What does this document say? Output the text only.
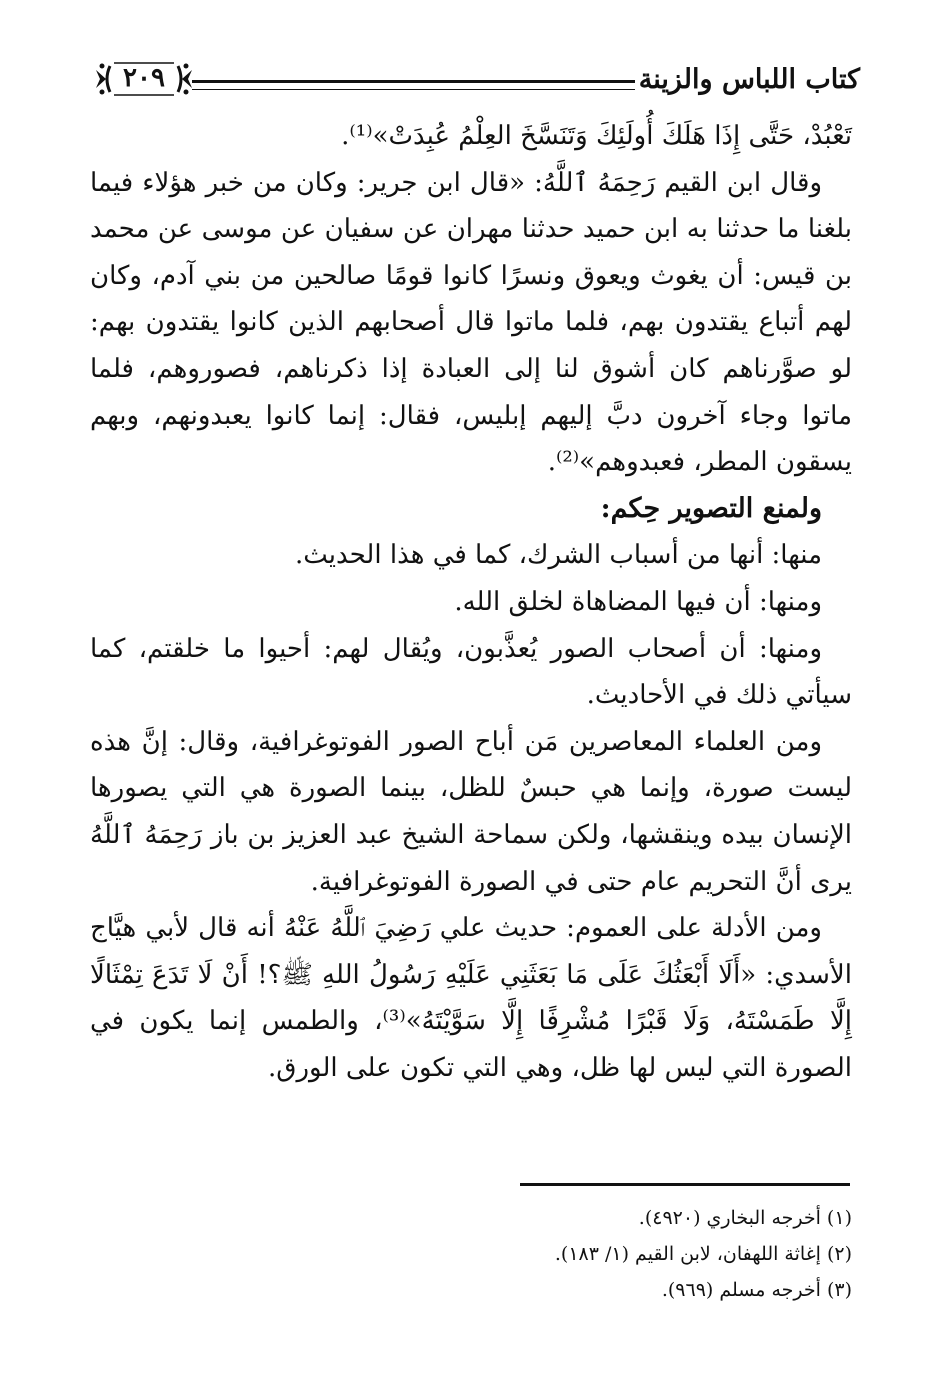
كتاب اللباس والزينة
٢٠٩

تَعْبُدْ، حَتَّى إِذَا هَلَكَ أُولَئِكَ وَتَنَسَّخَ العِلْمُ عُبِدَتْ»⁽¹⁾.

وقال ابن القيم رَحِمَهُ ٱللَّهُ: «قال ابن جرير: وكان من خبر هؤلاء فيما بلغنا ما حدثنا به ابن حميد حدثنا مهران عن سفيان عن موسى عن محمد بن قيس: أن يغوث ويعوق ونسرًا كانوا قومًا صالحين من بني آدم، وكان لهم أتباع يقتدون بهم، فلما ماتوا قال أصحابهم الذين كانوا يقتدون بهم: لو صوَّرناهم كان أشوق لنا إلى العبادة إذا ذكرناهم، فصوروهم، فلما ماتوا وجاء آخرون دبَّ إليهم إبليس، فقال: إنما كانوا يعبدونهم، وبهم يسقون المطر، فعبدوهم»⁽²⁾.

ولمنع التصوير حِكم:

منها: أنها من أسباب الشرك، كما في هذا الحديث.

ومنها: أن فيها المضاهاة لخلق الله.

ومنها: أن أصحاب الصور يُعذَّبون، ويُقال لهم: أحيوا ما خلقتم، كما سيأتي ذلك في الأحاديث.

ومن العلماء المعاصرين مَن أباح الصور الفوتوغرافية، وقال: إنَّ هذه ليست صورة، وإنما هي حبسٌ للظل، بينما الصورة هي التي يصورها الإنسان بيده وينقشها، ولكن سماحة الشيخ عبد العزيز بن باز رَحِمَهُ ٱللَّهُ يرى أنَّ التحريم عام حتى في الصورة الفوتوغرافية.

ومن الأدلة على العموم: حديث علي رَضِيَ ٱللَّهُ عَنْهُ أنه قال لأبي هيَّاج الأسدي: «أَلَا أَبْعَثُكَ عَلَى مَا بَعَثَنِي عَلَيْهِ رَسُولُ اللهِ ﷺ؟! أَنْ لَا تَدَعَ تِمْثَالًا إِلَّا طَمَسْتَهُ، وَلَا قَبْرًا مُشْرِفًا إِلَّا سَوَّيْتَهُ»⁽³⁾، والطمس إنما يكون في الصورة التي ليس لها ظل، وهي التي تكون على الورق.

(١) أخرجه البخاري (٤٩٢٠).

(٢) إغاثة اللهفان، لابن القيم (١/ ١٨٣).

(٣) أخرجه مسلم (٩٦٩).
